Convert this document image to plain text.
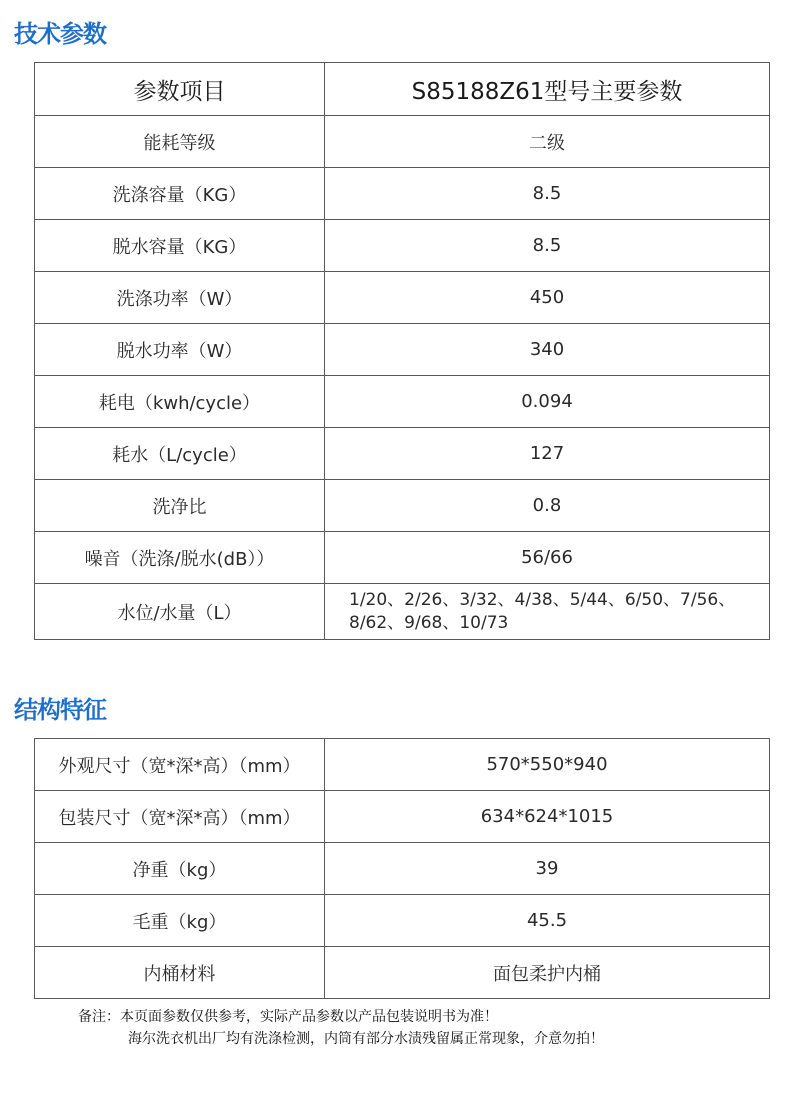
技术参数
参数项目	S85188Z61型号主要参数
能耗等级	二级
洗涤容量（KG）	8.5
脱水容量（KG）	8.5
洗涤功率（W）	450
脱水功率（W）	340
耗电（kwh/cycle）	0.094
耗水（L/cycle）	127
洗净比	0.8
噪音（洗涤/脱水(dB））	56/66
水位/水量（L）	1/20、2/26、3/32、4/38、5/44、6/50、7/56、
8/62、9/68、10/73
结构特征
外观尺寸（宽*深*高）（mm）	570*550*940
包装尺寸（宽*深*高）（mm）	634*624*1015
净重（kg）	39
毛重（kg）	45.5
内桶材料	面包柔护内桶
备注：本页面参数仅供参考，实际产品参数以产品包装说明书为准！
海尔洗衣机出厂均有洗涤检测，内筒有部分水渍残留属正常现象，介意勿拍！
